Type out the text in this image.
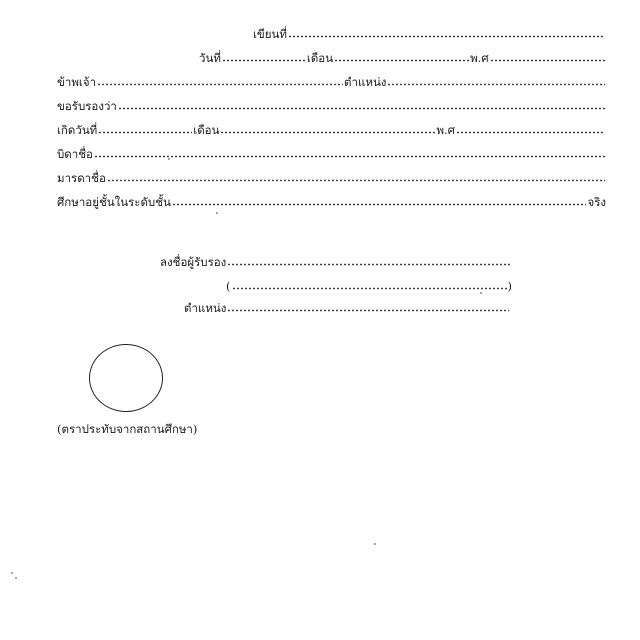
เขียนที่
วันที่	เดือน	พ.ศ
ข้าพเจ้า	ตำแหน่ง
ขอรับรองว่า
เกิดวันที่	เดือน	พ.ศ
บิดาชื่อ
มารดาชื่อ
ศึกษาอยู่ชั้นในระดับชั้น	จริง
ลงชื่อผู้รับรอง
(	)
ตำแหน่ง
(ตราประทับจากสถานศึกษา)
